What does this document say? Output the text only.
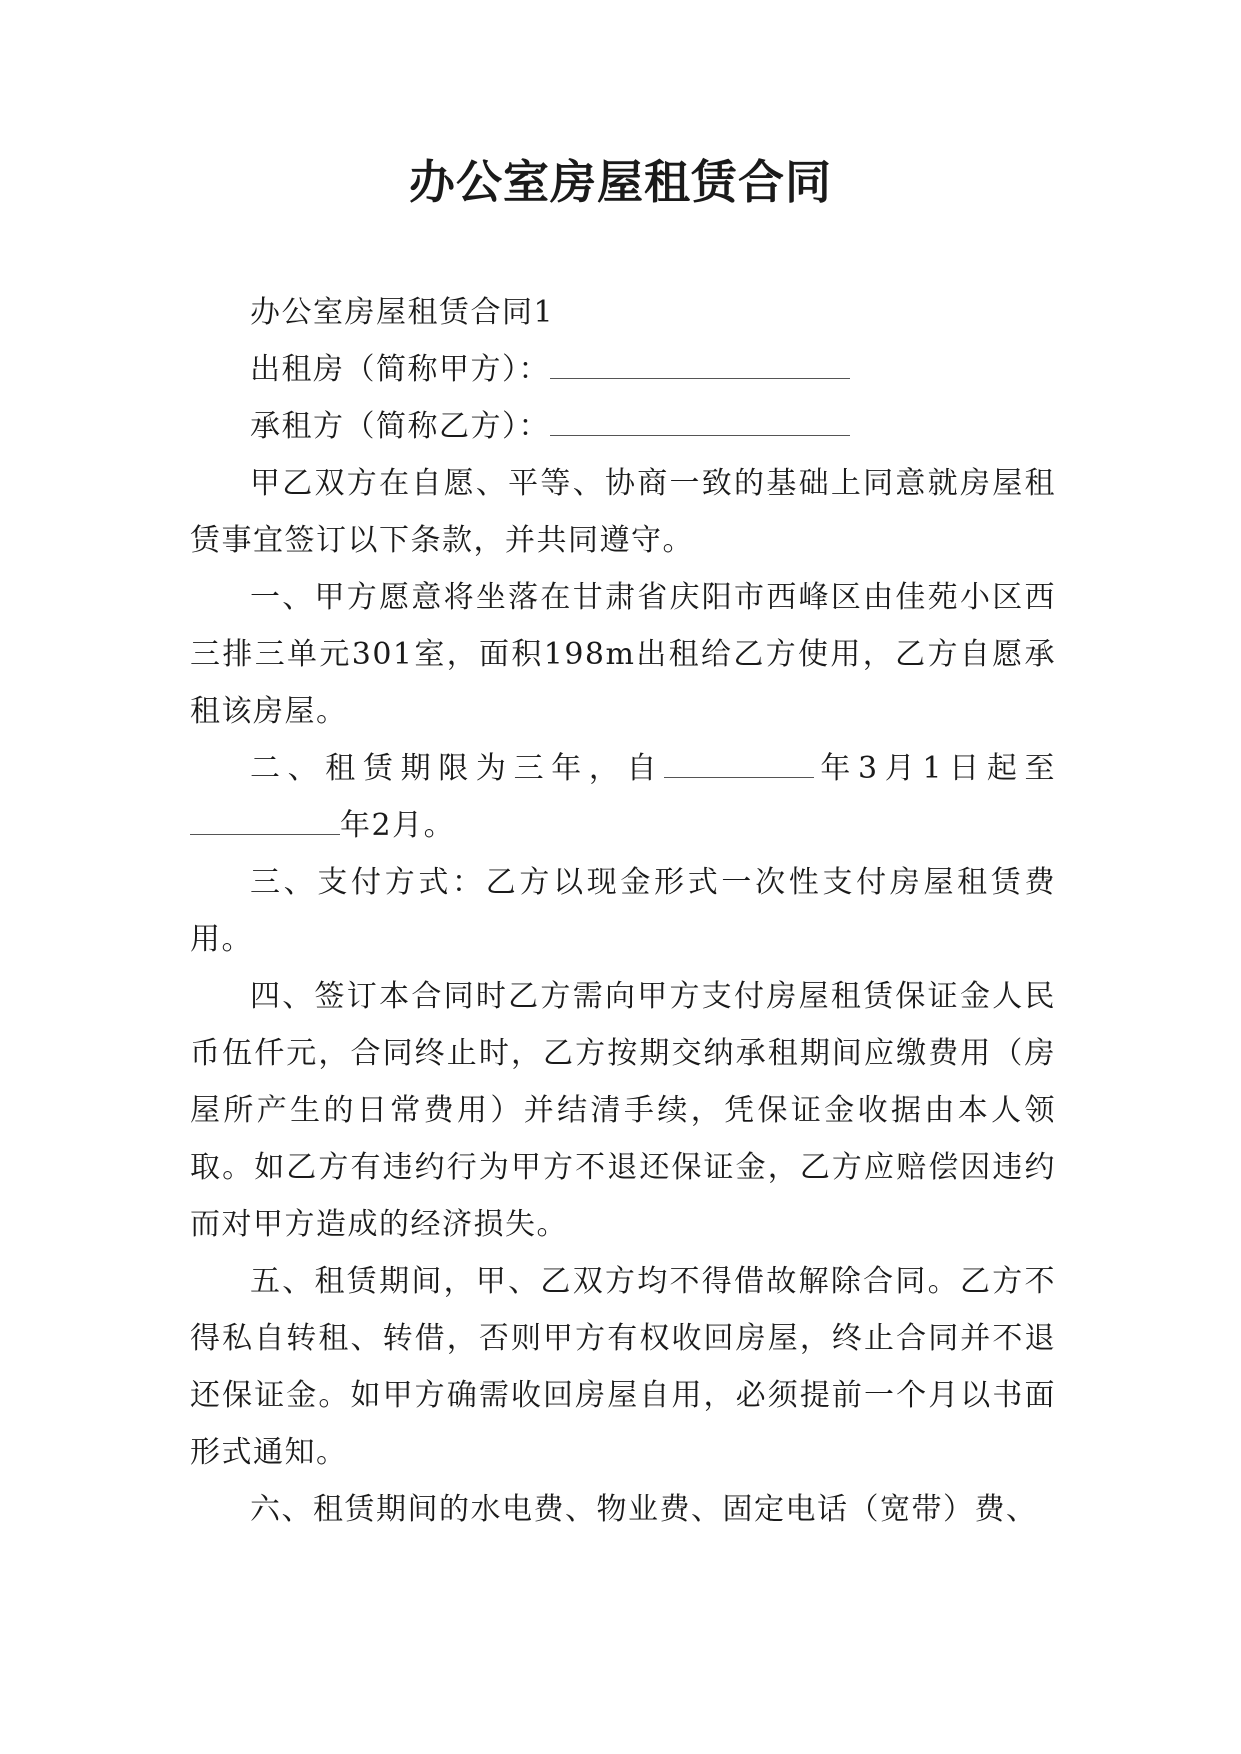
办公室房屋租赁合同

办公室房屋租赁合同1

出租房（简称甲方）：

承租方（简称乙方）：

甲乙双方在自愿、平等、协商一致的基础上同意就房屋租赁事宜签订以下条款，并共同遵守。

一、甲方愿意将坐落在甘肃省庆阳市西峰区由佳苑小区西三排三单元301室，面积198m出租给乙方使用，乙方自愿承租该房屋。

二、租赁期限为三年，自	年3月1日起至年2月。

三、支付方式：乙方以现金形式一次性支付房屋租赁费用。

四、签订本合同时乙方需向甲方支付房屋租赁保证金人民币伍仟元，合同终止时，乙方按期交纳承租期间应缴费用（房屋所产生的日常费用）并结清手续，凭保证金收据由本人领取。如乙方有违约行为甲方不退还保证金，乙方应赔偿因违约而对甲方造成的经济损失。

五、租赁期间，甲、乙双方均不得借故解除合同。乙方不得私自转租、转借，否则甲方有权收回房屋，终止合同并不退还保证金。如甲方确需收回房屋自用，必须提前一个月以书面形式通知。

六、租赁期间的水电费、物业费、固定电话（宽带）费、
